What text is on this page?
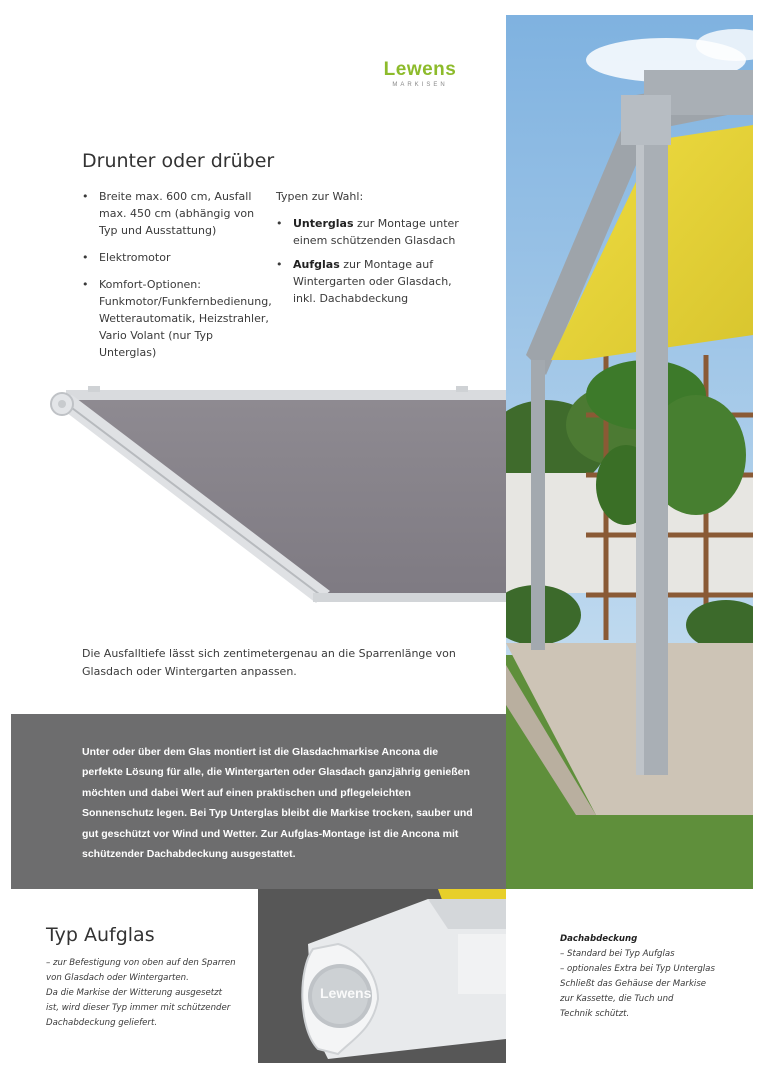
Lewens
MARKISEN
Drunter oder drüber
• Breite max. 600 cm, Ausfall max. 450 cm (abhängig von Typ und Ausstattung)
• Elektromotor
• Komfort-Optionen: Funkmotor/Funkfernbedienung, Wetterautomatik, Heizstrahler, Vario Volant (nur Typ Unterglas)
Typen zur Wahl:
• Unterglas zur Montage unter einem schützenden Glasdach
• Aufglas zur Montage auf Wintergarten oder Glasdach, inkl. Dachabdeckung
Die Ausfalltiefe lässt sich zentimetergenau an die Sparrenlänge von Glasdach oder Wintergarten anpassen.
Unter oder über dem Glas montiert ist die Glasdachmarkise Ancona die perfekte Lösung für alle, die Wintergarten oder Glasdach ganzjährig genießen möchten und dabei Wert auf einen praktischen und pflegeleichten Sonnenschutz legen. Bei Typ Unterglas bleibt die Markise trocken, sauber und gut geschützt vor Wind und Wetter. Zur Aufglas-Montage ist die Ancona mit schützender Dachabdeckung ausgestattet.
Typ Aufglas
– zur Befestigung von oben auf den Sparren
von Glasdach oder Wintergarten.
Da die Markise der Witterung ausgesetzt
ist, wird dieser Typ immer mit schützender
Dachabdeckung geliefert.
Lewens
Dachabdeckung
– Standard bei Typ Aufglas
– optionales Extra bei Typ Unterglas
Schließt das Gehäuse der Markise
zur Kassette, die Tuch und
Technik schützt.
